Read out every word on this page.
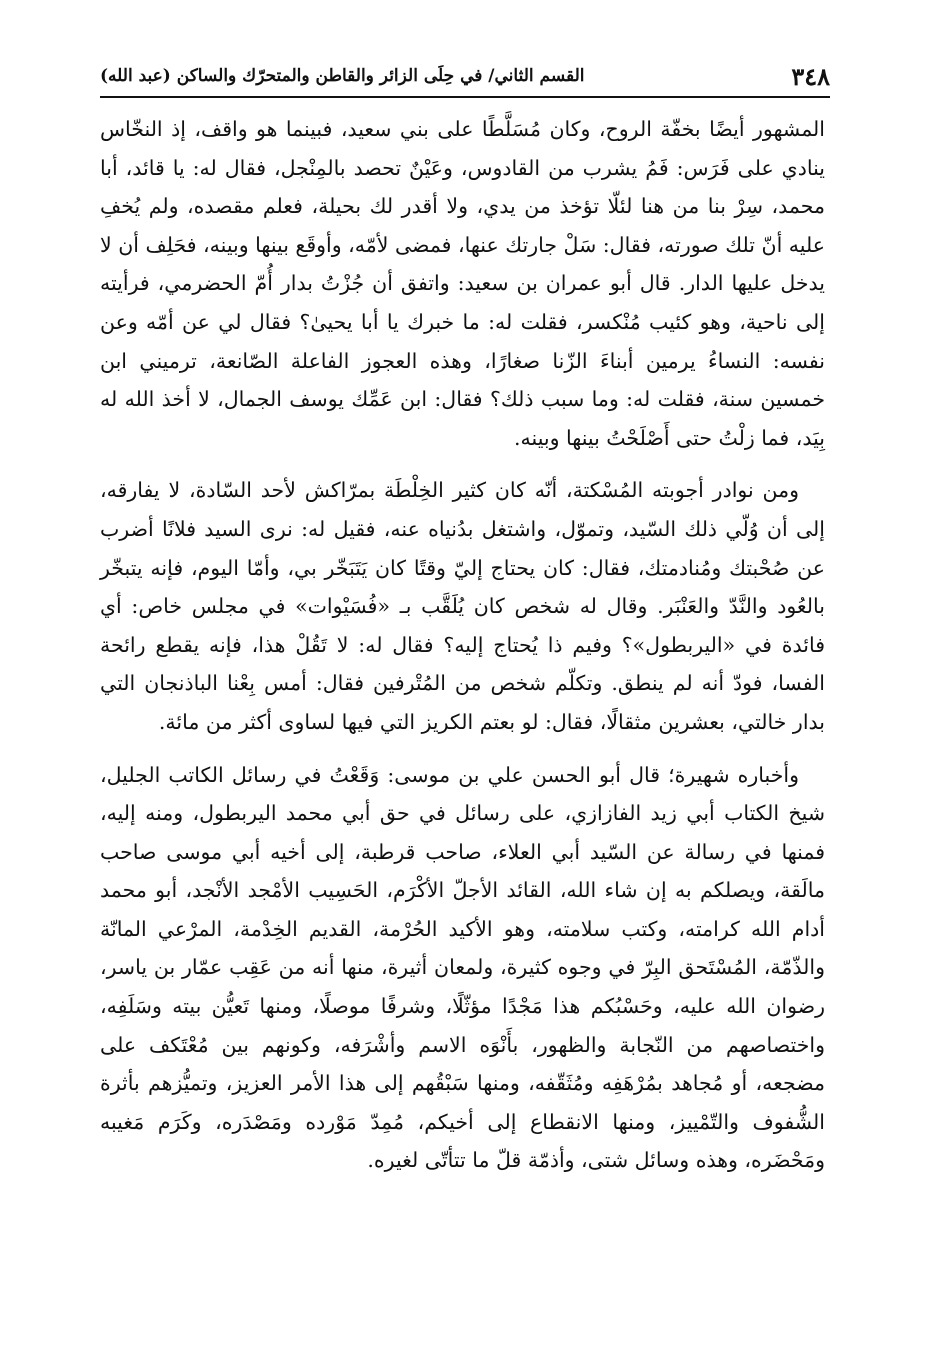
٣٤٨
القسم الثاني/ في حِلَى الزائر والقاطن والمتحرّك والساكن (عبد الله)

المشهور أيضًا بخفّة الروح، وكان مُسَلَّطًا على بني سعيد، فبينما هو واقف، إذ النخّاس ينادي على فَرَس: فَمُ يشرب من القادوس، وعَيْنٌ تحصد بالمِنْجل، فقال له: يا قائد، أبا محمد، سِرْ بنا من هنا لئلّا تؤخذ من يدي، ولا أقدر لك بحيلة، فعلم مقصده، ولم يُخفِ عليه أنّ تلك صورته، فقال: سَلْ جارتك عنها، فمضى لأمّه، وأوقَع بينها وبينه، فحَلِف أن لا يدخل عليها الدار. قال أبو عمران بن سعيد: واتفق أن جُزْتُ بدار أُمّ الحضرمي، فرأيته إلى ناحية، وهو كئيب مُنْكسر، فقلت له: ما خبرك يا أبا يحيىٰ؟ فقال لي عن أمّه وعن نفسه: النساءُ يرمين أبناءَ الزّنا صغارًا، وهذه العجوز الفاعلة الصّانعة، ترميني ابن خمسين سنة، فقلت له: وما سبب ذلك؟ فقال: ابن عَمِّك يوسف الجمال، لا أخذ الله له بِيَد، فما زلْتُ حتى أَصْلَحْتُ بينها وبينه.

ومن نوادر أجوبته المُسْكتة، أنّه كان كثير الخِلْطَة بمرّاكش لأحد السّادة، لا يفارقه، إلى أن وُلّي ذلك السّيد، وتموّل، واشتغل بدُنياه عنه، فقيل له: نرى السيد فلانًا أضرب عن صُحْبتك ومُنادمتك، فقال: كان يحتاج إليّ وقتًا كان يَتَبَخّر بي، وأمّا اليوم، فإنه يتبخّر بالعُود والنَّدّ والعَنْبَر. وقال له شخص كان يُلَقَّب بـ «فُسَيْوات» في مجلس خاص: أي فائدة في «اليربطول»؟ وفيم ذا يُحتاج إليه؟ فقال له: لا تَقُلْ هذا، فإنه يقطع رائحة الفسا، فودّ أنه لم ينطق. وتكلّم شخص من المُتْرفين فقال: أمس بِعْنا الباذنجان التي بدار خالتي، بعشرين مثقالًا، فقال: لو بعتم الكريز التي فيها لساوى أكثر من مائة.

وأخباره شهيرة؛ قال أبو الحسن علي بن موسى: وَقَعْتُ في رسائل الكاتب الجليل، شيخ الكتاب أبي زيد الفازازي، على رسائل في حق أبي محمد اليربطول، ومنه إليه، فمنها في رسالة عن السّيد أبي العلاء، صاحب قرطبة، إلى أخيه أبي موسى صاحب مالَقة، ويصلكم به إن شاء الله، القائد الأجلّ الأكْرَم، الحَسِيب الأمْجد الأنْجد، أبو محمد أدام الله كرامته، وكتب سلامته، وهو الأكيد الحُرْمة، القديم الخِدْمة، المرْعي المانّة والذّمّة، المُسْتَحق البِرّ في وجوه كثيرة، ولمعان أثيرة، منها أنه من عَقِب عمّار بن ياسر، رضوان الله عليه، وحَسْبُكم هذا مَجْدًا مؤثّلًا، وشرفًا موصلًا، ومنها تَعيُّن بيته وسَلَفِه، واختصاصهم من النّجابة والظهور، بأَنْوَه الاسم وأشْرَفه، وكونهم بين مُعْتَكف على مضجعه، أو مُجاهد بمُرْهَفِه ومُثَقّفه، ومنها سَبْقُهم إلى هذا الأمر العزيز، وتميُّزهم بأثرة الشُّفوف والتّمْييز، ومنها الانقطاع إلى أخيكم، مُمِدّ مَوْرده ومَصْدَره، وكَرَم مَغيبه ومَحْضَره، وهذه وسائل شتى، وأذمّة قلّ ما تتأتّى لغيره.
